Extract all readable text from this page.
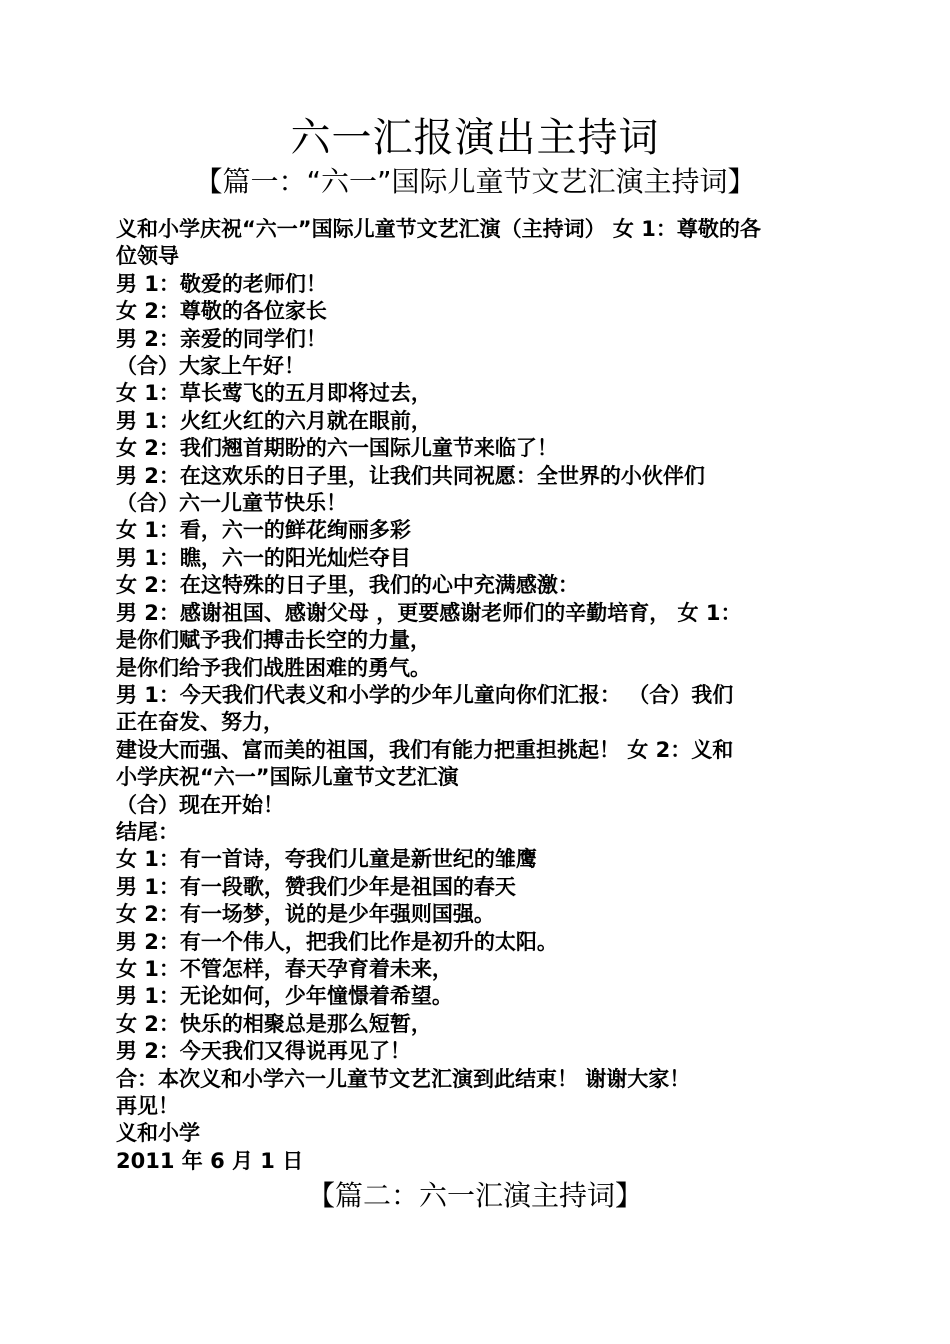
六一汇报演出主持词
【篇一：“六一”国际儿童节文艺汇演主持词】
义和小学庆祝“六一”国际儿童节文艺汇演（主持词） 女 1：尊敬的各
位领导
男 1：敬爱的老师们！
女 2：尊敬的各位家长
男 2：亲爱的同学们！
（合）大家上午好！
女 1：草长莺飞的五月即将过去，
男 1：火红火红的六月就在眼前，
女 2：我们翘首期盼的六一国际儿童节来临了！
男 2：在这欢乐的日子里，让我们共同祝愿：全世界的小伙伴们
（合）六一儿童节快乐！
女 1：看，六一的鲜花绚丽多彩
男 1：瞧，六一的阳光灿烂夺目
女 2：在这特殊的日子里，我们的心中充满感激：
男 2：感谢祖国、感谢父母 ，更要感谢老师们的辛勤培育， 女 1：
是你们赋予我们搏击长空的力量，
是你们给予我们战胜困难的勇气。
男 1：今天我们代表义和小学的少年儿童向你们汇报： （合）我们
正在奋发、努力，
建设大而强、富而美的祖国，我们有能力把重担挑起！ 女 2：义和
小学庆祝“六一”国际儿童节文艺汇演
（合）现在开始！
结尾：
女 1：有一首诗，夸我们儿童是新世纪的雏鹰
男 1：有一段歌，赞我们少年是祖国的春天
女 2：有一场梦，说的是少年强则国强。
男 2：有一个伟人，把我们比作是初升的太阳。
女 1：不管怎样，春天孕育着未来，
男 1：无论如何，少年憧憬着希望。
女 2：快乐的相聚总是那么短暂，
男 2：今天我们又得说再见了！
合：本次义和小学六一儿童节文艺汇演到此结束！ 谢谢大家！
再见！
义和小学
2011 年 6 月 1 日
【篇二：六一汇演主持词】
